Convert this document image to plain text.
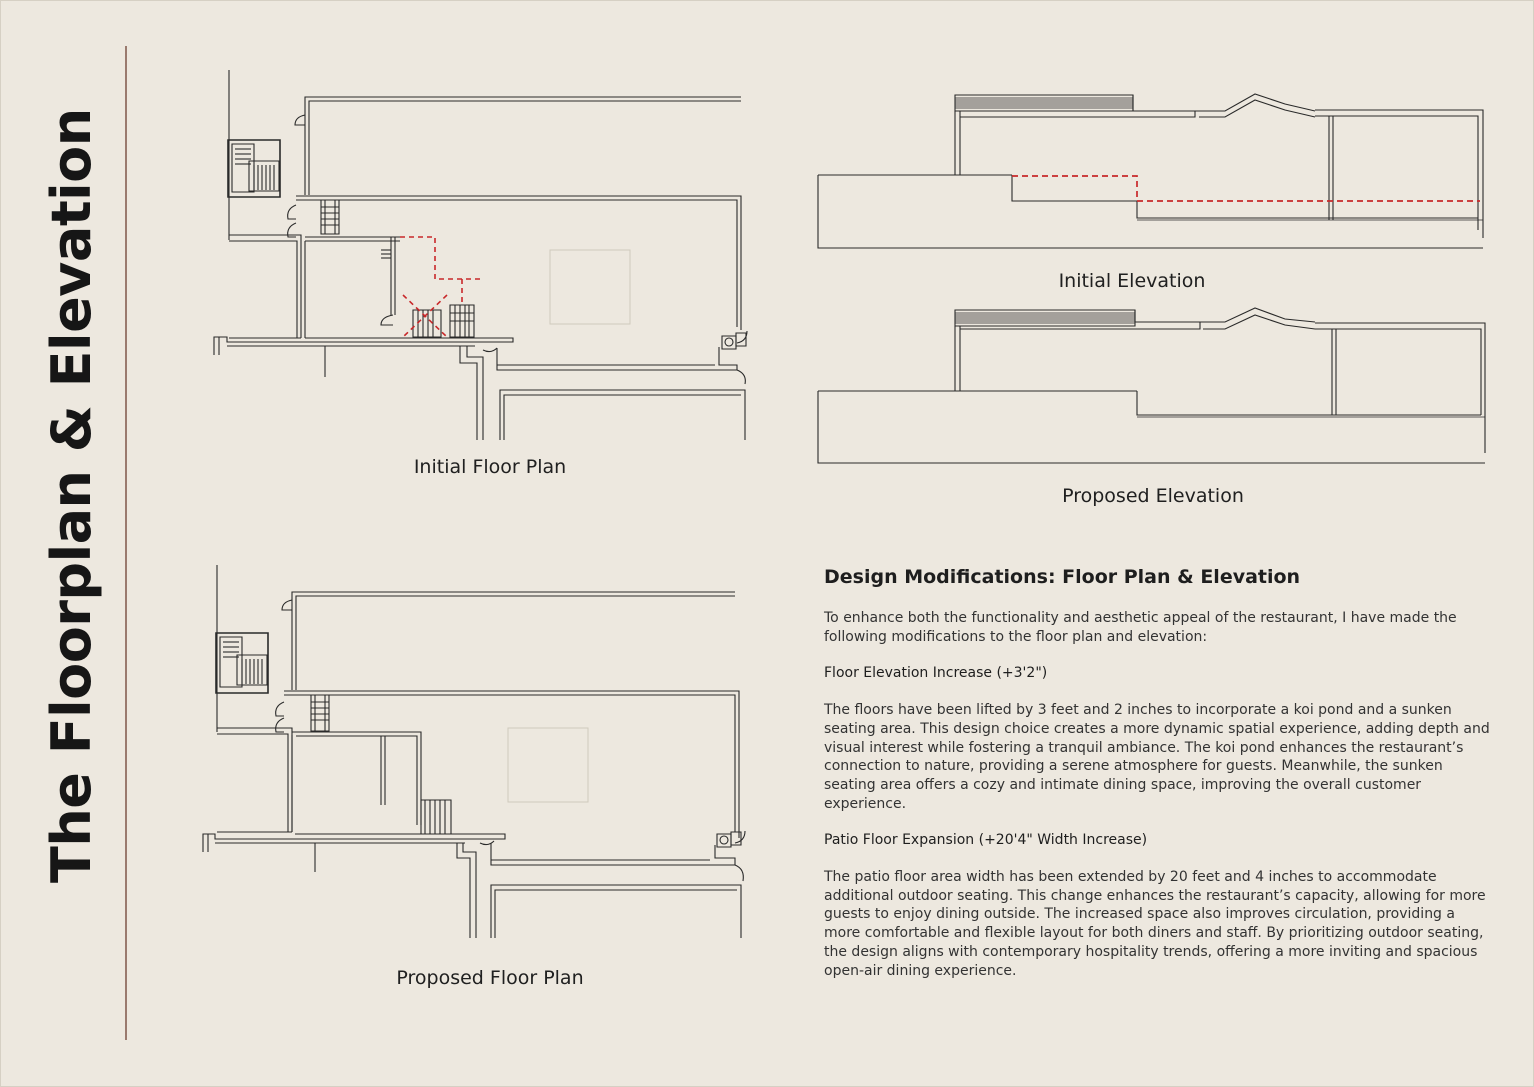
The Floorplan & Elevation	Initial Floor Plan
Proposed Floor Plan
Initial Elevation
Proposed Elevation
Design Modifications: Floor Plan & Elevation

To enhance both the functionality and aesthetic appeal of the restaurant, I have made the following modifications to the floor plan and elevation:

Floor Elevation Increase (+3'2")

The floors have been lifted by 3 feet and 2 inches to incorporate a koi pond and a sunken seating area. This design choice creates a more dynamic spatial experience, adding depth and visual interest while fostering a tranquil ambiance. The koi pond enhances the restaurant’s connection to nature, providing a serene atmosphere for guests. Meanwhile, the sunken seating area offers a cozy and intimate dining space, improving the overall customer experience.

Patio Floor Expansion (+20'4" Width Increase)

The patio floor area width has been extended by 20 feet and 4 inches to accommodate additional outdoor seating. This change enhances the restaurant’s capacity, allowing for more guests to enjoy dining outside. The increased space also improves circulation, providing a more comfortable and flexible layout for both diners and staff. By prioritizing outdoor seating, the design aligns with contemporary hospitality trends, offering a more inviting and spacious open-air dining experience.
